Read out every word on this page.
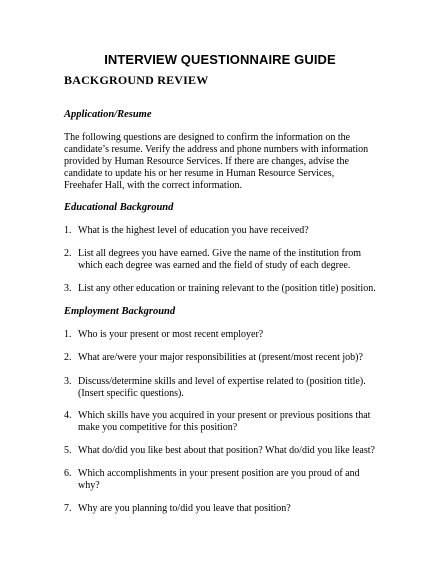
INTERVIEW QUESTIONNAIRE GUIDE
BACKGROUND REVIEW
Application/Resume
The following questions are designed to confirm the information on the
candidate’s resume. Verify the address and phone numbers with information
provided by Human Resource Services. If there are changes, advise the
candidate to update his or her resume in Human Resource Services,
Freehafer Hall, with the correct information.
Educational Background
1. What is the highest level of education you have received?
2. List all degrees you have earned. Give the name of the institution from
which each degree was earned and the field of study of each degree.
3. List any other education or training relevant to the (position title) position.
Employment Background
1. Who is your present or most recent employer?
2. What are/were your major responsibilities at (present/most recent job)?
3. Discuss/determine skills and level of expertise related to (position title).
(Insert specific questions).
4. Which skills have you acquired in your present or previous positions that
make you competitive for this position?
5. What do/did you like best about that position? What do/did you like least?
6. Which accomplishments in your present position are you proud of and
why?
7. Why are you planning to/did you leave that position?
